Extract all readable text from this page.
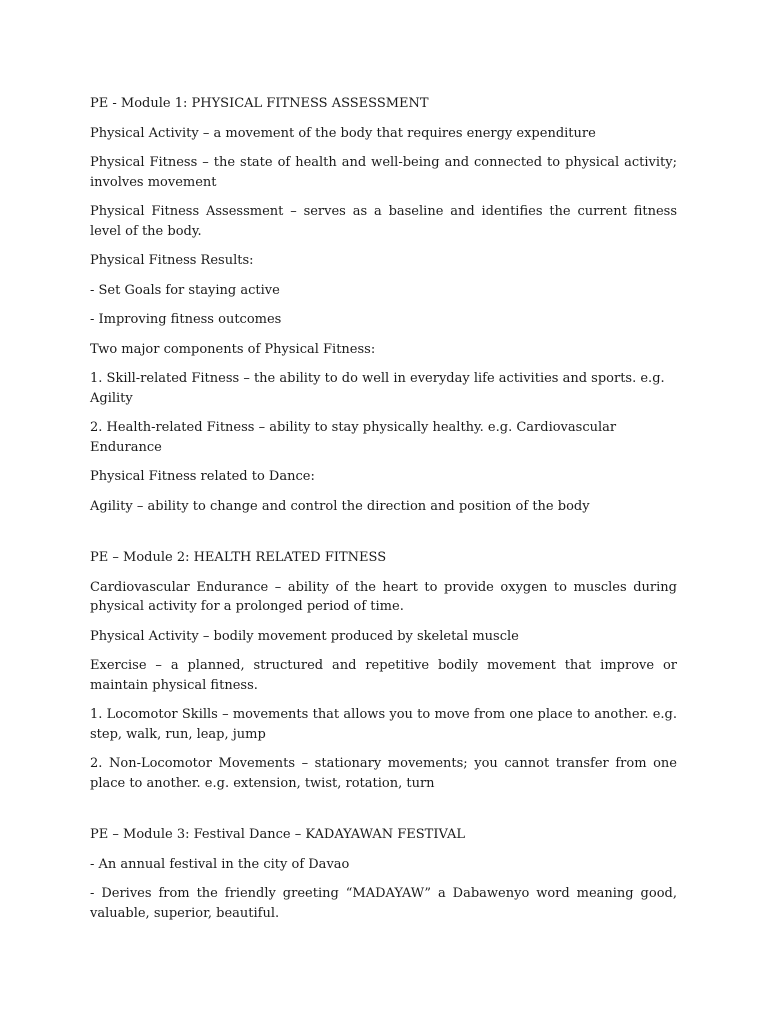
PE - Module 1: PHYSICAL FITNESS ASSESSMENT
Physical Activity – a movement of the body that requires energy expenditure
Physical Fitness – the state of health and well-being and connected to physical activity; involves movement
Physical Fitness Assessment – serves as a baseline and identifies the current fitness level of the body.
Physical Fitness Results:
- Set Goals for staying active
- Improving fitness outcomes
Two major components of Physical Fitness:
1. Skill-related Fitness – the ability to do well in everyday life activities and sports. e.g. Agility
2. Health-related Fitness – ability to stay physically healthy. e.g. Cardiovascular Endurance
Physical Fitness related to Dance:
Agility – ability to change and control the direction and position of the body
PE – Module 2: HEALTH RELATED FITNESS
Cardiovascular Endurance – ability of the heart to provide oxygen to muscles during physical activity for a prolonged period of time.
Physical Activity – bodily movement produced by skeletal muscle
Exercise – a planned, structured and repetitive bodily movement that improve or maintain physical fitness.
1. Locomotor Skills – movements that allows you to move from one place to another. e.g. step, walk, run, leap, jump
2. Non-Locomotor Movements – stationary movements; you cannot transfer from one place to another. e.g. extension, twist, rotation, turn
PE – Module 3: Festival Dance – KADAYAWAN FESTIVAL
- An annual festival in the city of Davao
- Derives from the friendly greeting “MADAYAW” a Dabawenyo word meaning good, valuable, superior, beautiful.
